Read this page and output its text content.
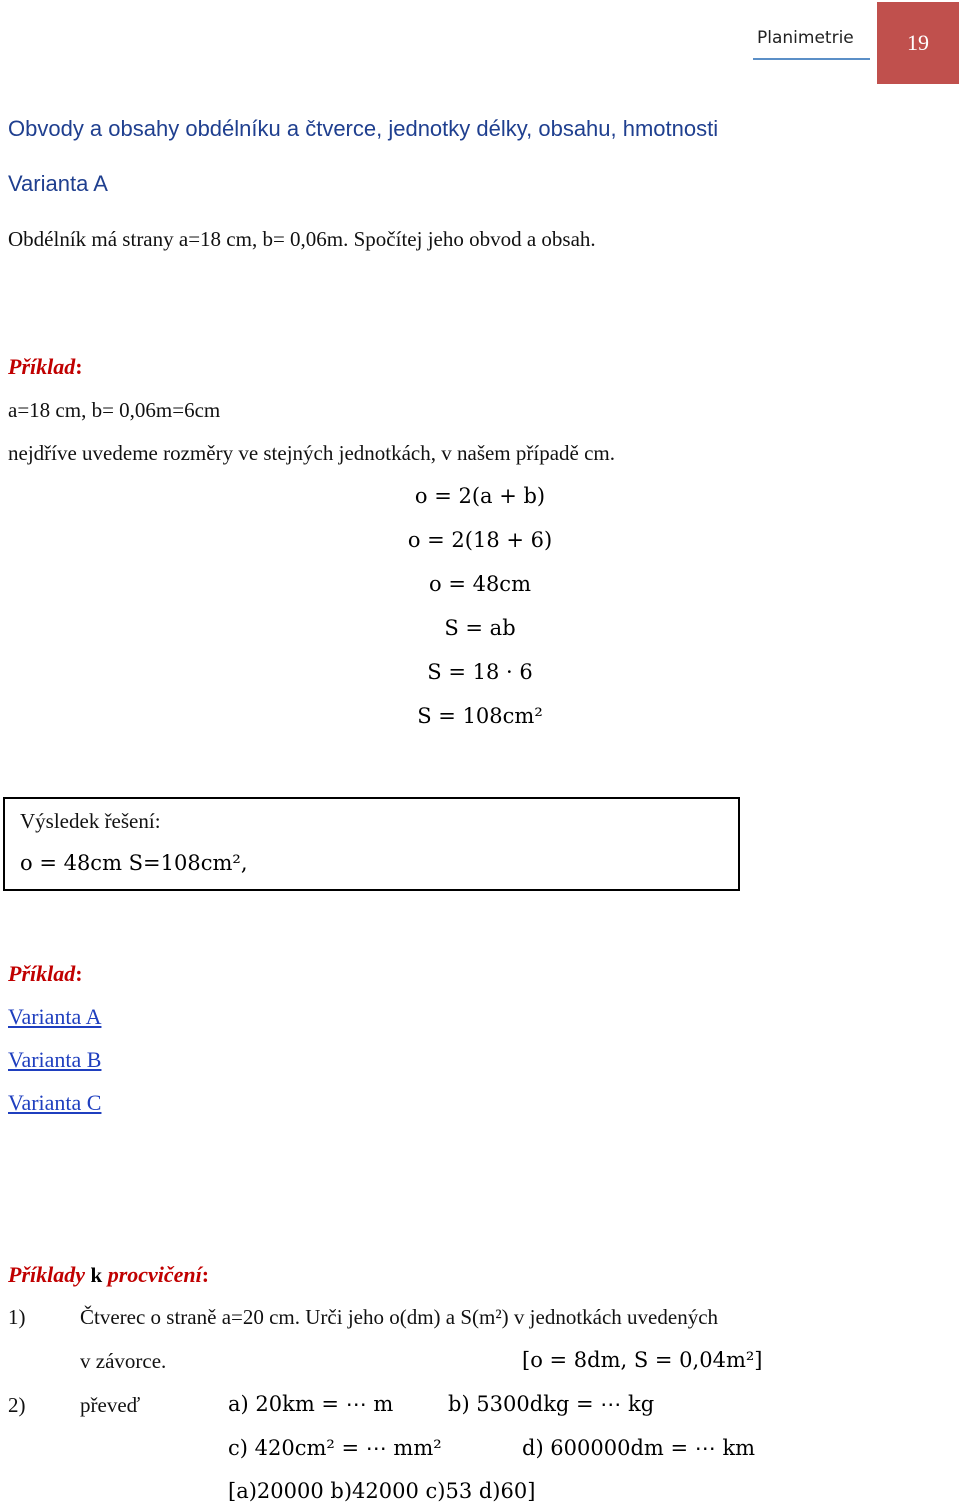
Planimetrie 19
Obvody a obsahy obdélníku a čtverce, jednotky délky, obsahu, hmotnosti
Varianta A
Obdélník má strany a=18 cm, b= 0,06m. Spočítej jeho obvod a obsah.
Příklad:
a=18 cm, b= 0,06m=6cm
nejdříve uvedeme rozměry ve stejných jednotkách, v našem případě cm.
o = 2(a + b)
o = 2(18 + 6)
o = 48cm
S = ab
S = 18 · 6
S = 108cm²
Výsledek řešení:
o = 48cm S=108cm²,
Příklad:
Varianta A
Varianta B
Varianta C
Příklady k procvičení:
1)	Čtverec o straně a=20 cm. Urči jeho o(dm) a S(m²) v jednotkách uvedených
v závorce.	[o = 8dm, S = 0,04m²]
2)	převeď	a) 20km = ⋯ m	b) 5300dkg = ⋯ kg
c) 420cm² = ⋯ mm²	d) 600000dm = ⋯ km
[a)20000 b)42000 c)53 d)60]
